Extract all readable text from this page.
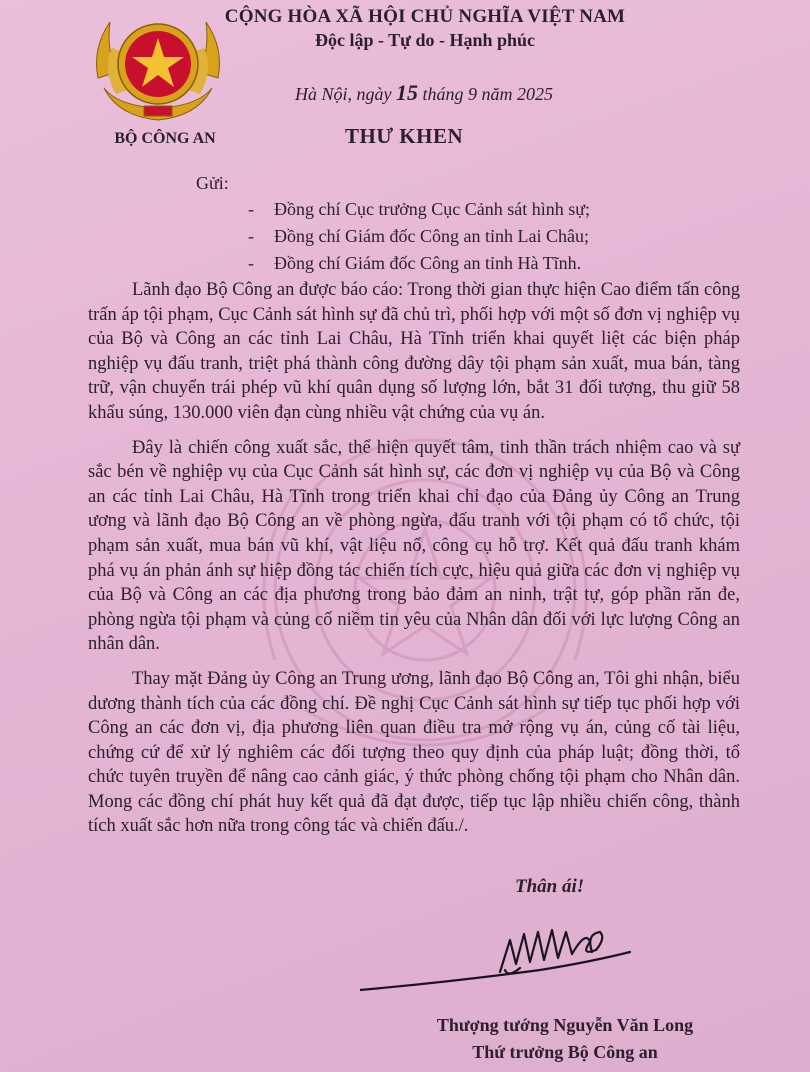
BỘ CÔNG AN
CỘNG HÒA XÃ HỘI CHỦ NGHĨA VIỆT NAM
Độc lập - Tự do - Hạnh phúc
Hà Nội, ngày 15 tháng 9 năm 2025
THƯ KHEN
Gửi:
- Đồng chí Cục trưởng Cục Cảnh sát hình sự;
- Đồng chí Giám đốc Công an tỉnh Lai Châu;
- Đồng chí Giám đốc Công an tỉnh Hà Tĩnh.

Lãnh đạo Bộ Công an được báo cáo: Trong thời gian thực hiện Cao điểm tấn công trấn áp tội phạm, Cục Cảnh sát hình sự đã chủ trì, phối hợp với một số đơn vị nghiệp vụ của Bộ và Công an các tỉnh Lai Châu, Hà Tĩnh triển khai quyết liệt các biện pháp nghiệp vụ đấu tranh, triệt phá thành công đường dây tội phạm sản xuất, mua bán, tàng trữ, vận chuyển trái phép vũ khí quân dụng số lượng lớn, bắt 31 đối tượng, thu giữ 58 khẩu súng, 130.000 viên đạn cùng nhiều vật chứng của vụ án.

Đây là chiến công xuất sắc, thể hiện quyết tâm, tinh thần trách nhiệm cao và sự sắc bén về nghiệp vụ của Cục Cảnh sát hình sự, các đơn vị nghiệp vụ của Bộ và Công an các tỉnh Lai Châu, Hà Tĩnh trong triển khai chỉ đạo của Đảng ủy Công an Trung ương và lãnh đạo Bộ Công an về phòng ngừa, đấu tranh với tội phạm có tổ chức, tội phạm sản xuất, mua bán vũ khí, vật liệu nổ, công cụ hỗ trợ. Kết quả đấu tranh khám phá vụ án phản ánh sự hiệp đồng tác chiến tích cực, hiệu quả giữa các đơn vị nghiệp vụ của Bộ và Công an các địa phương trong bảo đảm an ninh, trật tự, góp phần răn đe, phòng ngừa tội phạm và củng cố niềm tin yêu của Nhân dân đối với lực lượng Công an nhân dân.

Thay mặt Đảng ủy Công an Trung ương, lãnh đạo Bộ Công an, Tôi ghi nhận, biểu dương thành tích của các đồng chí. Đề nghị Cục Cảnh sát hình sự tiếp tục phối hợp với Công an các đơn vị, địa phương liên quan điều tra mở rộng vụ án, củng cố tài liệu, chứng cứ để xử lý nghiêm các đối tượng theo quy định của pháp luật; đồng thời, tổ chức tuyên truyền để nâng cao cảnh giác, ý thức phòng chống tội phạm cho Nhân dân. Mong các đồng chí phát huy kết quả đã đạt được, tiếp tục lập nhiều chiến công, thành tích xuất sắc hơn nữa trong công tác và chiến đấu./.

Thân ái!
Thượng tướng Nguyễn Văn Long
Thứ trưởng Bộ Công an
